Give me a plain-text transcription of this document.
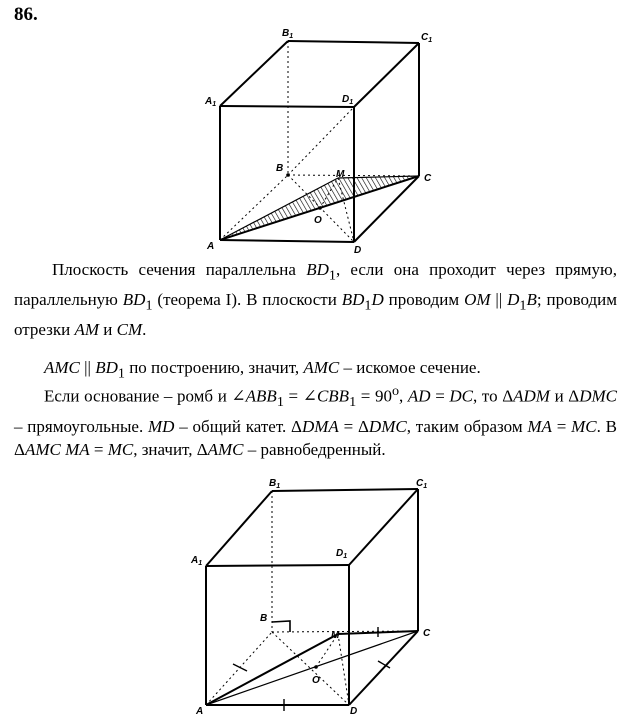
86.
A
B
C
D
$A_1$
$B_1$	$C_1$
$D_1$
M
O
Плоскость сечения параллельна $BD_1$, если она проходит через прямую, параллельную $BD_1$ (теорема I). В плоскости $BD_1D$ проводим OM || $D_1B$; проводим отрезки AM и CM.
AMC || $BD_1$ по построению, значит, AMC – искомое сечение.
Если основание – ромб и $\angle ABB_1$ = $\angle CBB_1 = 90^o$, AD = DC, то ΔADM и ΔDMC – прямоугольные. MD – общий катет. ΔDMA = ΔDMC, таким образом MA = MC. В ΔAMC MA = MC, значит, ΔAMC – равнобедренный.
A
B
C
D
$A_1$
$B_1$	$C_1$
$D_1$
M
O
